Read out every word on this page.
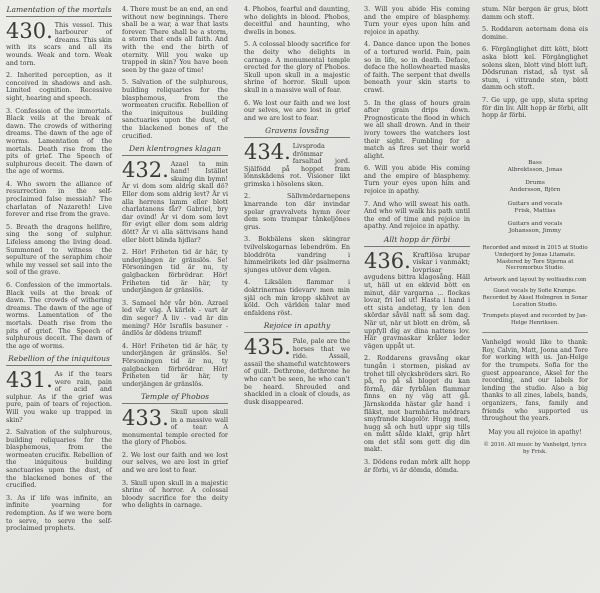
Lamentation of the mortals

430. This vessel. This harbourer of dreams. This skin with its scars and all its wounds. Weak and torn. Weak and torn.

2. Inherited perception, as it conceived in shadows and ash. Limited cognition. Recessive sight, hearing and speech.

3. Confession of the immortals. Black veils at the break of dawn. The crowds of withering dreams. The dawn of the age of worms. Lamentation of the mortals. Death rise from the pits of grief. The Speech of sulphurous deceit. The dawn of the age of worms.

4. Who sworn the alliance of resurrection in the self-proclaimed false messiah? The charlatan of Nazareth! Live forever and rise from the grave.

5. Breath the dragons hellfire, sing the song of sulphur. Lifeless among the living dead. Summoned to witness the sepulture of the seraphim choir while my vessel set sail into the soil of the grave.

6. Confession of the immortals. Black veils at the break of dawn. The crowds of withering dreams. The dawn of the age of worms. Lamentation of the mortals. Death rise from the pits of grief. The Speech of sulphurous deceit. The dawn of the age of worms.

Rebellion of the iniquitous

431. As if the tears were rain, pain of acid and sulphur. As if the grief was pure, pain of tears of rejection. Will you wake up trapped in skin?

2. Salvation of the sulphurous, building reliquaries for the blasphemous, from the wormeaten crucifix. Rebellion of the iniquitous building sanctuaries upon the dust, of the blackened bones of the crucified.

3. As if life was infinite, an infinite yearning for redemption. As if we were born to serve, to serve the self-proclaimed prophets.

4. There must be an end, an end without new beginnings. There shall be a war, a war that lasts forever. There shall be a storm, a storm that ends all faith. And with the end the birth of eternity. Will you wake up trapped in skin? You have been seen by the gaze of time!

5. Salvation of the sulphurous, building reliquaries for the blasphemous, from the wormeaten crucifix. Rebellion of the iniquitous building sanctuaries upon the dust, of the blackened bones of the crucified.

Den klentrognes klagan

432. Azael ta min hand! Istället skuing din bymn! Är vi dom som aldrig skall dö? Eller dom som aldrig levt? Är vi alla herrens lamm eller blott charlatanens får? Gabriel, bry dar ovind! Är vi dom som levt för evigt eller dom som aldrig dött? Är vi alla sättvisans hand eller blott blinda hjdlar?

2. Hör! Friheten tid är här, ty underjängen är gränslös. Se! Försoningen tid är nu, ty galgbacken förbrödrar. Hör! Friheten tid är här, ty underjängen är gränslös.

3. Samael hör vår bön. Azrael led vår väg. Å kärlek - vart är din seger? Å liv - vad är din mening? Hör Israfils basuner - ändlös är dödens triumf!

4. Hör! Friheten tid är här, ty underjängen är gränslös. Se! Försoningen tid är nu, ty galgbacken förbrödrar. Hör! Friheten tid är här, ty underjängen är gränslös.

Temple of Phobos

433. Skull upon skull in a massive wall of tear. A monumental temple erected for the glory of Phobos.

2. We lost our faith and we lost our selves, we are lost in grief and we are lost to fear.

3. Skull upon skull in a majestic shrine of horror. A colossal bloody sacrifice for the deity who delights in carnage.

4. Phobos, fearful and daunting, who delights in blood. Phobos, deceitful and haunting, who dwells in bones.

5. A colossal bloody sacrifice for the deity who delights in carnage. A monumental temple erected for the glory of Phobos. Skull upon skull in a majestic shrine of horror. Skull upon skull in a massive wall of fear.

6. We lost our faith and we lost our selves, we are lost in grief and we are lost to fear.

Gravens lovsång

434. Livsproda drömmar farsaltad jord. Själfödd på hoppet fram lönnskädens rot. Visioner likt grimska i hösolens sken.

2. Sällvmördarnepens knarrande ton där invindar spelar gravvalvets hymn över dem som trampar tänkeljönes grus.

3. Bokbälens sken skingrar tvilvelskogarnas lebendröm. En bloddröta vandring i himmelrikets led där psalmerna sjunges utöver dem vägen.

4. Liksälen flammar i doktrinernas tidevarv men min själ och min kropp skälvet av köld. Och världen talar med enfaldens röst.

Rejoice in apathy

435. Pale, pale are the horses that we ride. Assail, assail the shameful watchtowers of guilt. Dethrone, dethrone he who can't be seen, he who can't be heard. Shrouded and shackled in a cloak of clouds, as dusk disappeared.

3. Will you abide His coming and the empire of blasphemy. Turn your eyes upon him and rejoice in apathy.

4. Dance dance upon the bones of a tortured world. Pain, pain so in life, so in death. Deface, deface the hollowhearted masks of faith. The serpent that dwells beneath your skin starts to crawl.

5. In the glass of hours grain after grain drips down. Prognosticate the flood in which we all shall drown. And in their ivory towers the watchers lost their sight. Fumbling for a match as fires set their world alight.

6. Will you abide His coming and the empire of blasphemy. Turn your eyes upon him and rejoice in apathy.

7. And who will sweat his oath. And who will walk his path until the end of time and rejoice in apathy. And rejoice in apathy.

Allt hopp är förbi

436. Kraftlösa krupar viskar i vanmakt; lovprisar avgudens bittra klagosång. Häll ut, häll ut en ekkvid bött en minut, där vargarna ... flockas lovar, fri led ut! Hasta i hand i ett sista andetag, ty len den skördar såväl natt så som dag. När ut, när ut blott en dröm, så uppfyll dig av dina nattens lov. Här gravmaskar kråler leder vägen uppåt ut.

2. Roddarens gravsång ekar tungån i stormen, piskad av trohet till olycksbröders skri. Ro på, ro på så bloget du kan förmå, där fyrbålen flammar finns en ny väg att gå. Järnskodda hästar går hand i fläkst, mot barmhärta mödrars smyfrande klagolör. Hugg med, hugg så och hutl uppr sig tills en mått sålde klakt, grip hårt om det stål som gett dig din makt.

3. Dödens redan mörk allt hopp är förbi, vi är dömda, dömda.

stum. När bergen är grus, blott damm och stoft.

5. Roddaren aeternam dona eis domine.

6. Förgänglighet ditt kött, blott aska blott kel. Förgänglighet solens sken, blott vind blott luft. Dödsrunan ristad, så tyst så stum, i vittrande sten, blott damm och stoft.

7. Ge upp, ge upp, sluta spring för din liv. Allt hopp är förbi, allt hopp är förbi.

Bass
Albrektsson, Jonas

Drums
Andersson, Björn

Guitars and vocals
Frisk, Mattias

Guitars and vocals
Johansson, Jimmy

Recorded and mixed in 2015 at Studio Underjord by Jonas Litamate. Mastered by Tore Stjerna at Necromorbus Studio.

Artwork and layout by wolfaudio.com

Guest vocals by Sofie Krampe. Recorded by Aksel Holmgren in Sonar Location Studio.

Trumpets played and recorded by Jan-Helge Henriksen.

Vanhelgd would like to thank: Roy, Calvin, Matt, Joona and Tore for working with us. Jan-Helge for the trumpets. Sofia for the guest appearance, Aksel for the recording, and our labels for lending the studio. Also a big thanks to all zines, labels, bands, organizers, fans, family and friends who supported us throughout the years.

May you all rejoice in apathy!

© 2016. All music by Vanhelgd, lyrics by Frisk.
